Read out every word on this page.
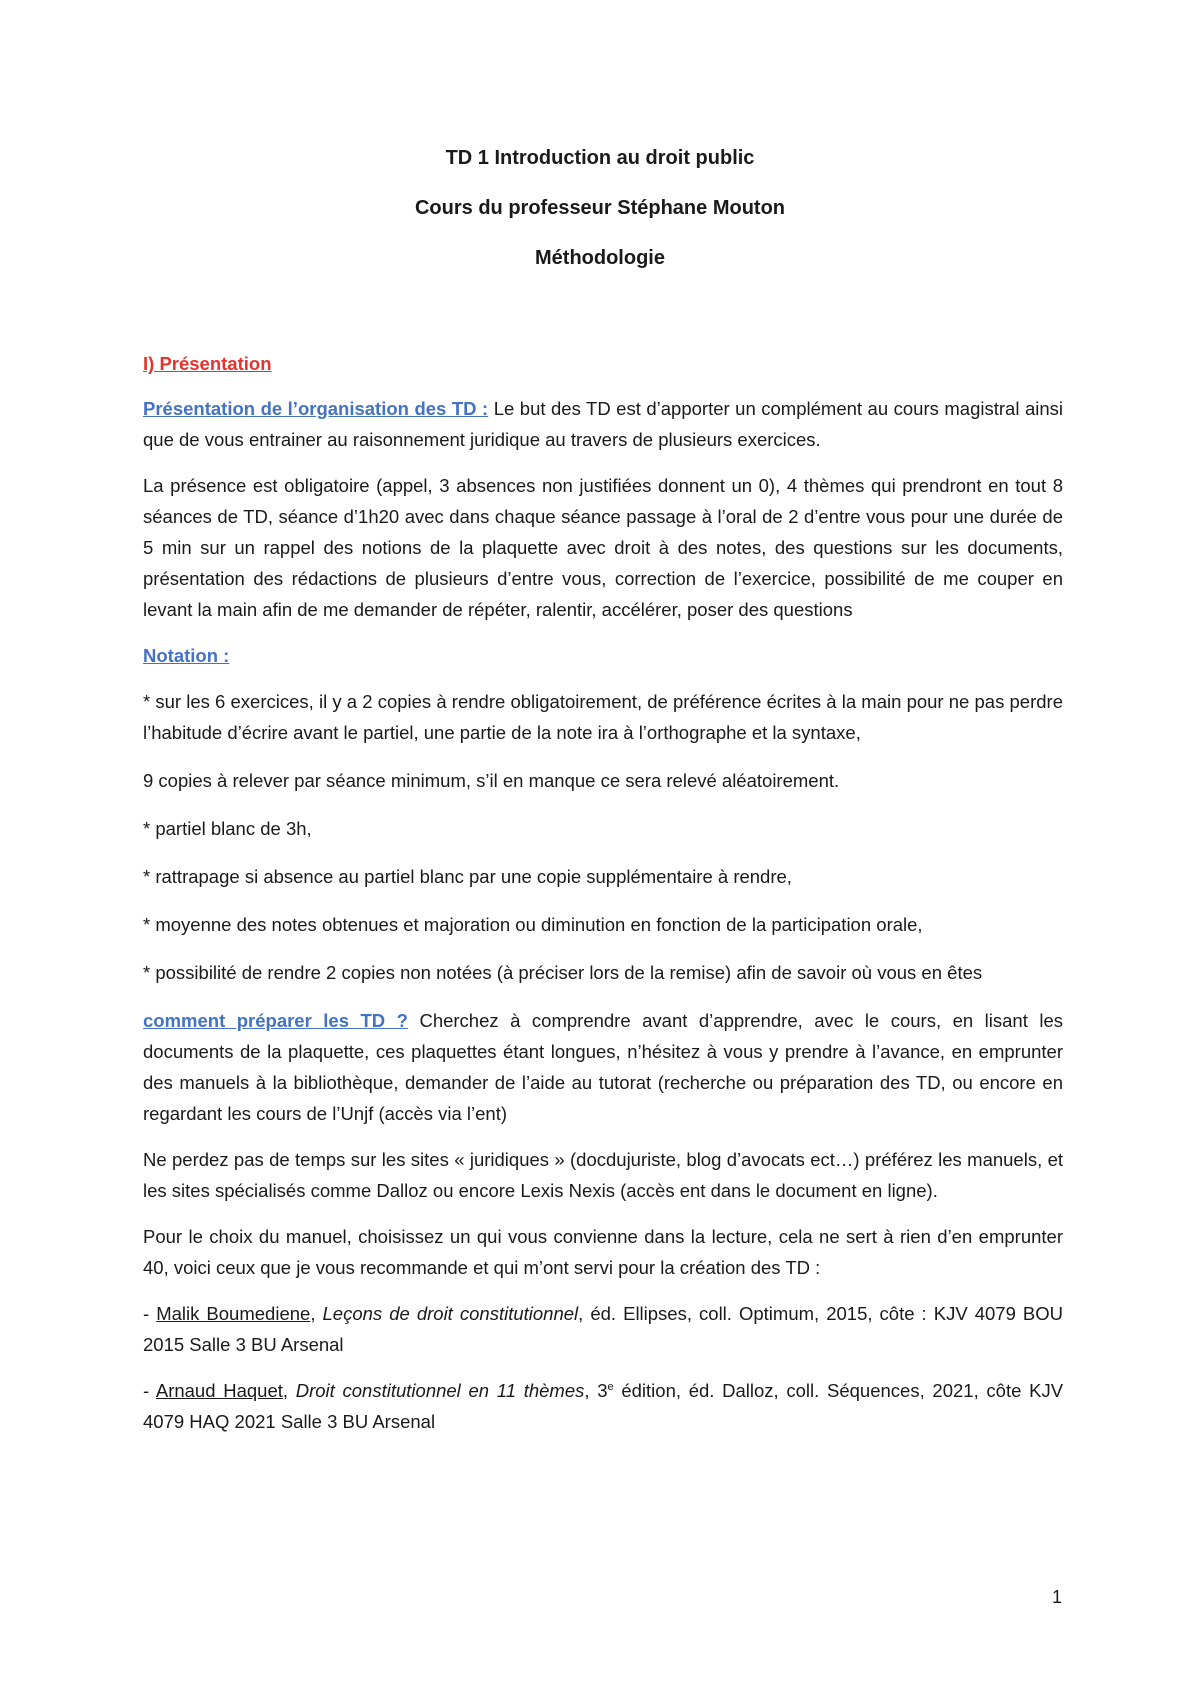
TD 1 Introduction au droit public
Cours du professeur Stéphane Mouton
Méthodologie

I) Présentation

Présentation de l’organisation des TD : Le but des TD est d’apporter un complément au cours magistral ainsi que de vous entrainer au raisonnement juridique au travers de plusieurs exercices.

La présence est obligatoire (appel, 3 absences non justifiées donnent un 0), 4 thèmes qui prendront en tout 8 séances de TD, séance d’1h20 avec dans chaque séance passage à l’oral de 2 d’entre vous pour une durée de 5 min sur un rappel des notions de la plaquette avec droit à des notes, des questions sur les documents, présentation des rédactions de plusieurs d’entre vous, correction de l’exercice, possibilité de me couper en levant la main afin de me demander de répéter, ralentir, accélérer, poser des questions

Notation :

* sur les 6 exercices, il y a 2 copies à rendre obligatoirement, de préférence écrites à la main pour ne pas perdre l’habitude d’écrire avant le partiel, une partie de la note ira à l’orthographe et la syntaxe,

9 copies à relever par séance minimum, s’il en manque ce sera relevé aléatoirement.

* partiel blanc de 3h,

* rattrapage si absence au partiel blanc par une copie supplémentaire à rendre,

* moyenne des notes obtenues et majoration ou diminution en fonction de la participation orale,

* possibilité de rendre 2 copies non notées (à préciser lors de la remise) afin de savoir où vous en êtes

comment préparer les TD ? Cherchez à comprendre avant d’apprendre, avec le cours, en lisant les documents de la plaquette, ces plaquettes étant longues, n’hésitez à vous y prendre à l’avance, en emprunter des manuels à la bibliothèque, demander de l’aide au tutorat (recherche ou préparation des TD, ou encore en regardant les cours de l’Unjf (accès via l’ent)

Ne perdez pas de temps sur les sites « juridiques » (docdujuriste, blog d’avocats ect…) préférez les manuels, et les sites spécialisés comme Dalloz ou encore Lexis Nexis (accès ent dans le document en ligne).

Pour le choix du manuel, choisissez un qui vous convienne dans la lecture, cela ne sert à rien d’en emprunter 40, voici ceux que je vous recommande et qui m’ont servi pour la création des TD :

- Malik Boumediene, Leçons de droit constitutionnel, éd. Ellipses, coll. Optimum, 2015, côte : KJV 4079 BOU 2015 Salle 3 BU Arsenal

- Arnaud Haquet, Droit constitutionnel en 11 thèmes, 3e édition, éd. Dalloz, coll. Séquences, 2021, côte KJV 4079 HAQ 2021 Salle 3 BU Arsenal

1
